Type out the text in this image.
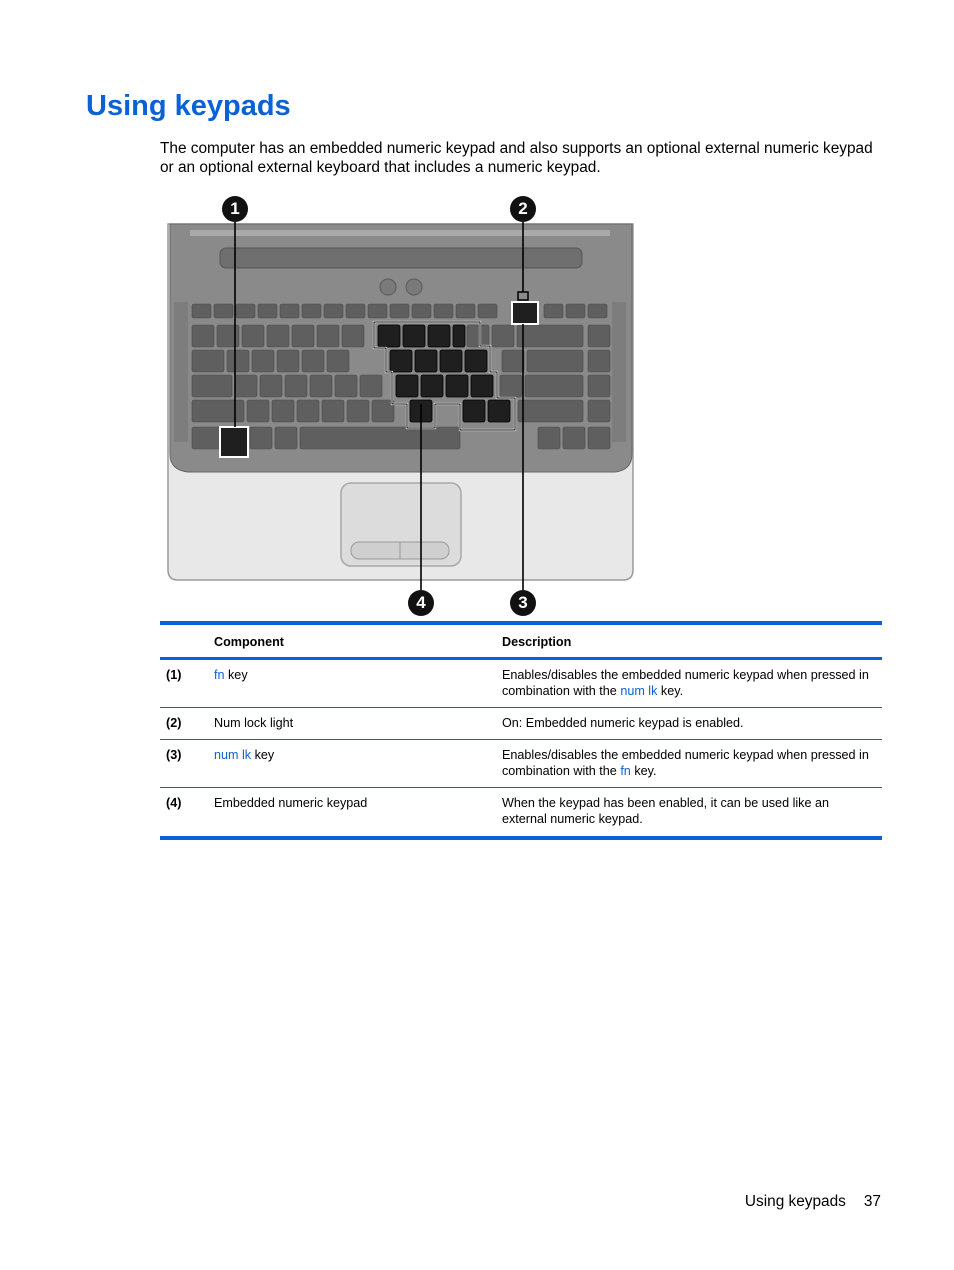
Using keypads

The computer has an embedded numeric keypad and also supports an optional external numeric keypad or an optional external keyboard that includes a numeric keypad.

1	2
3
4
	Component	Description
(1)	fn key	Enables/disables the embedded numeric keypad when pressed in combination with the num lk key.
(2)	Num lock light	On: Embedded numeric keypad is enabled.
(3)	num lk key	Enables/disables the embedded numeric keypad when pressed in combination with the fn key.
(4)	Embedded numeric keypad	When the keypad has been enabled, it can be used like an external numeric keypad.
Using keypads 37
